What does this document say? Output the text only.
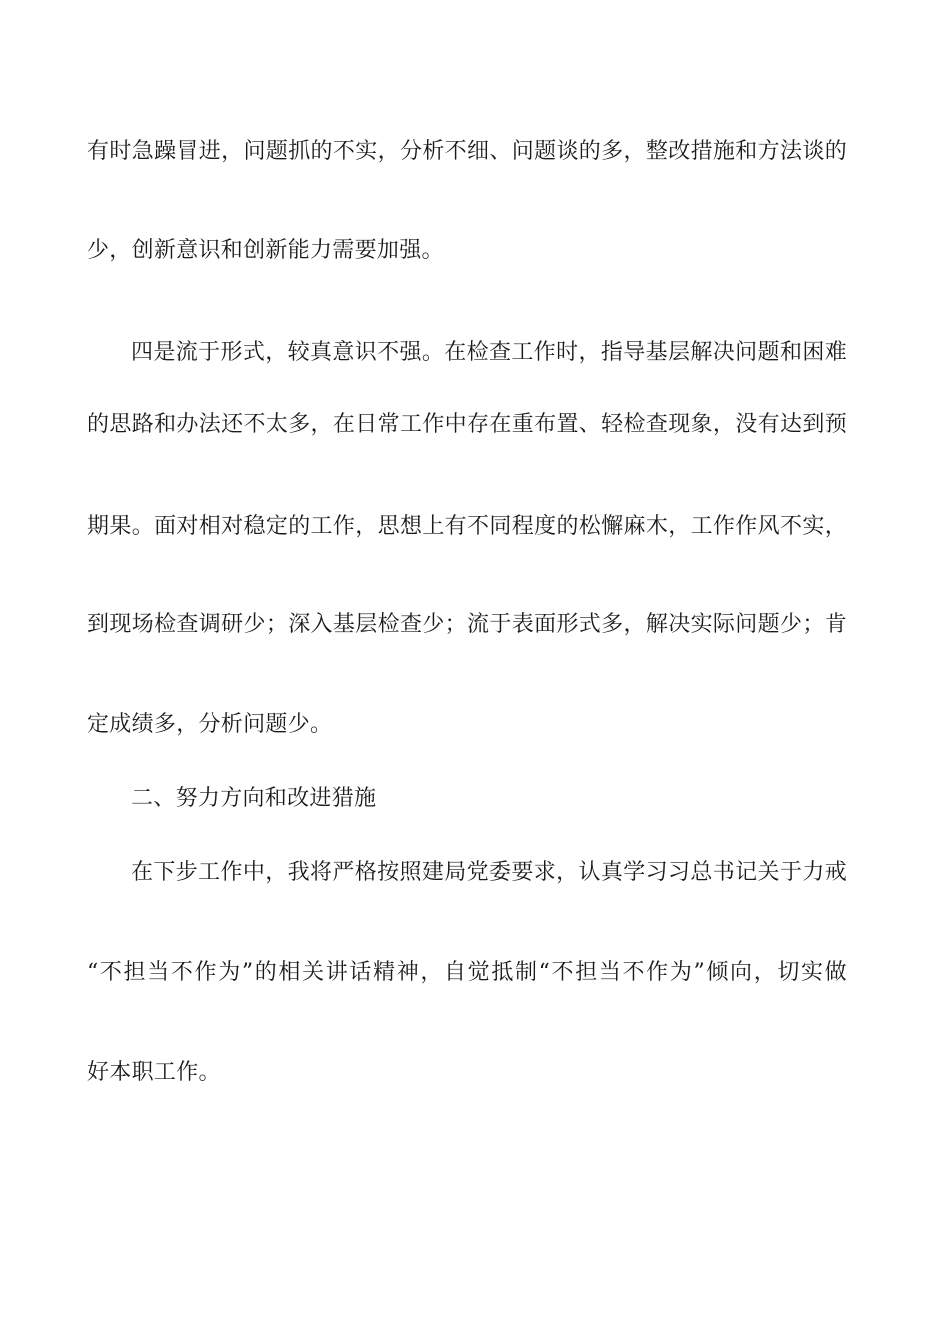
有时急躁冒进，问题抓的不实，分析不细、问题谈的多，整改措施和方法谈的
少，创新意识和创新能力需要加强。
四是流于形式，较真意识不强。在检查工作时，指导基层解决问题和困难
的思路和办法还不太多，在日常工作中存在重布置、轻检查现象，没有达到预
期果。面对相对稳定的工作，思想上有不同程度的松懈麻木，工作作风不实，
到现场检查调研少；深入基层检查少；流于表面形式多，解决实际问题少；肯
定成绩多，分析问题少。
二、努力方向和改进猎施
在下步工作中，我将严格按照建局党委要求，认真学习习总书记关于力戒
“不担当不作为”的相关讲话精神，自觉抵制“不担当不作为”倾向，切实做
好本职工作。
